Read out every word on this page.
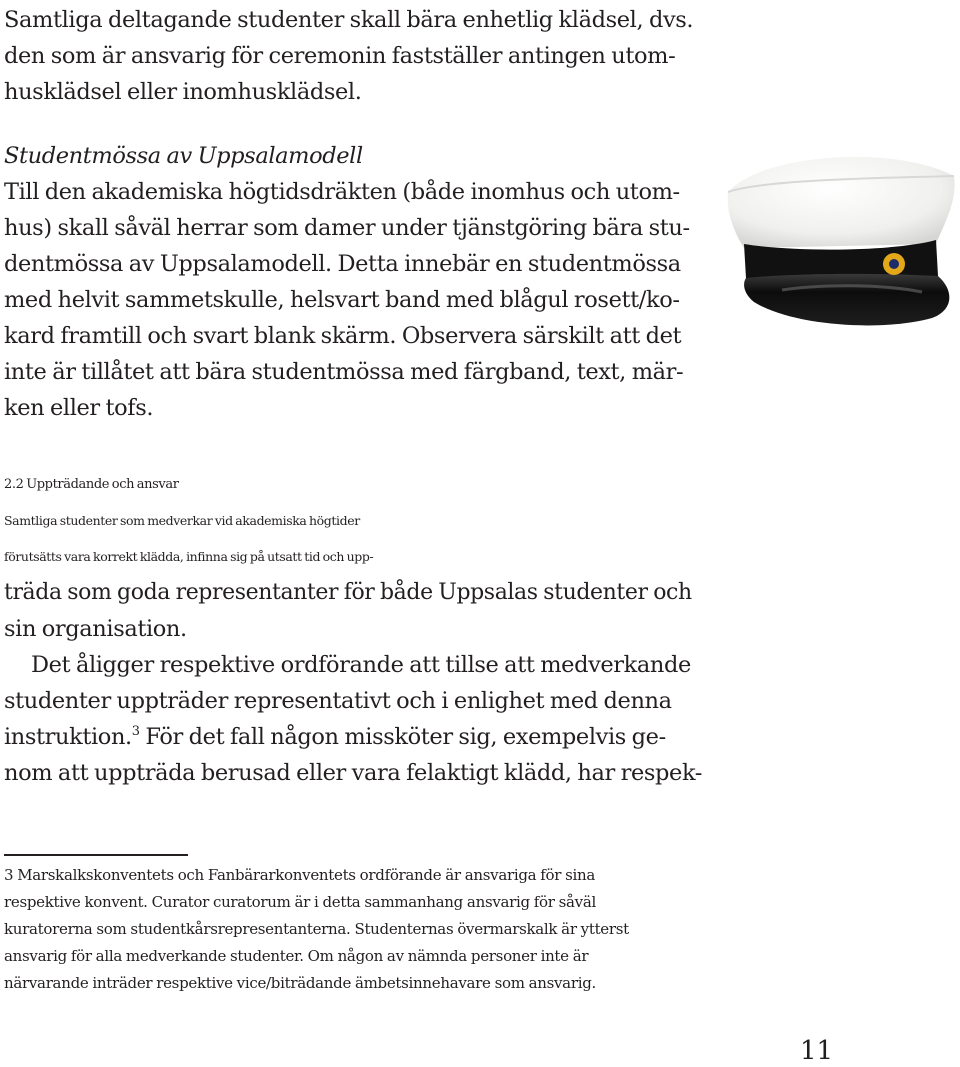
Samtliga deltagande studenter skall bära enhetlig klädsel, dvs.
den som är ansvarig för ceremonin fastställer antingen utom-
husklädsel eller inomhusklädsel.
Studentmössa av Uppsalamodell
Till den akademiska högtidsdräkten (både inomhus och utom-
hus) skall såväl herrar som damer under tjänstgöring bära stu-
dentmössa av Uppsalamodell. Detta innebär en studentmössa
med helvit sammetskulle, helsvart band med blågul rosett/ko-
kard framtill och svart blank skärm. Observera särskilt att det
inte är tillåtet att bära studentmössa med färgband, text, mär-
ken eller tofs.
2.2 Uppträdande och ansvar
Samtliga studenter som medverkar vid akademiska högtider
förutsätts vara korrekt klädda, infinna sig på utsatt tid och upp-
träda som goda representanter för både Uppsalas studenter och
sin organisation.
Det åligger respektive ordförande att tillse att medverkande
studenter uppträder representativt och i enlighet med denna
instruktion.$^3$ För det fall någon missköter sig, exempelvis ge-
nom att uppträda berusad eller vara felaktigt klädd, har respek-
3 Marskalkskonventets och Fanbärarkonventets ordförande är ansvariga för sina
respektive konvent. Curator curatorum är i detta sammanhang ansvarig för såväl
kuratorerna som studentkårsrepresentanterna. Studenternas övermarskalk är ytterst
ansvarig för alla medverkande studenter. Om någon av nämnda personer inte är
närvarande inträder respektive vice/biträdande ämbetsinnehavare som ansvarig.
11
